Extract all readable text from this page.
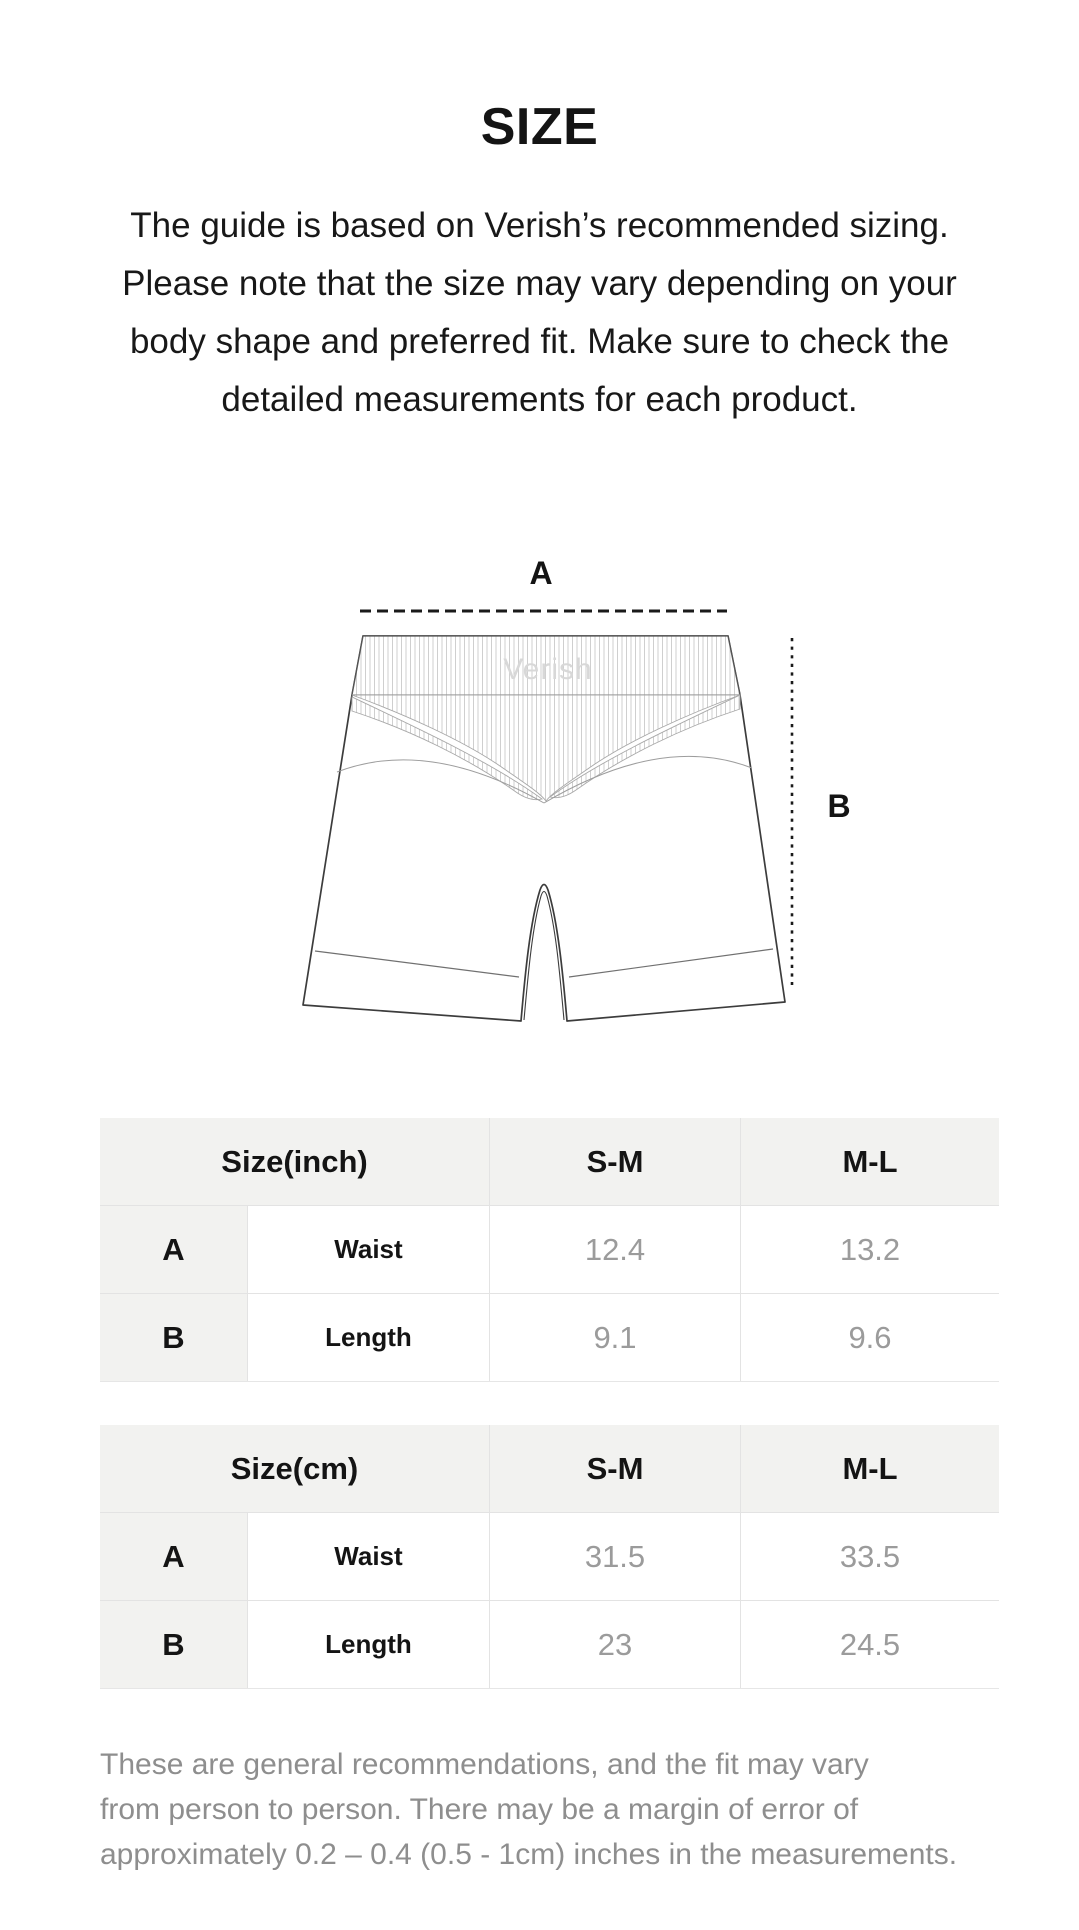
SIZE
The guide is based on Verish’s recommended sizing.
Please note that the size may vary depending on your
body shape and preferred fit. Make sure to check the
detailed measurements for each product.
A
B
Verish
Size(inch)	S-M	M-L
A	Waist	12.4	13.2
B	Length	9.1	9.6
Size(cm)	S-M	M-L
A	Waist	31.5	33.5
B	Length	23	24.5
These are general recommendations, and the fit may vary
from person to person. There may be a margin of error of
approximately 0.2 – 0.4 (0.5 - 1cm) inches in the measurements.
